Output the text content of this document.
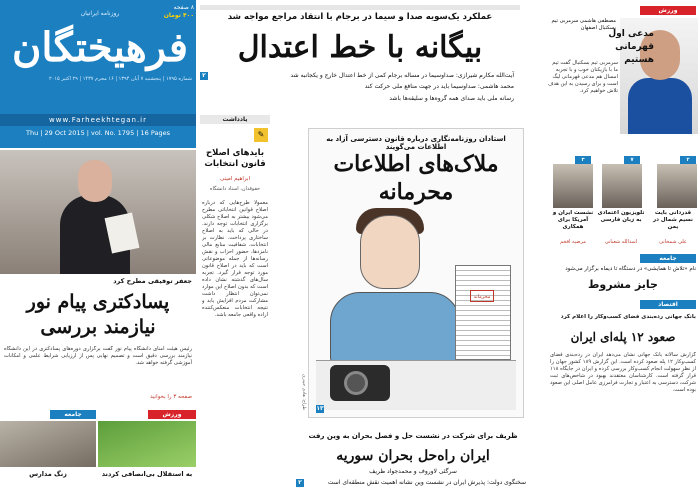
روزنامه ایرانیان
۸ صفحه
۴۰۰ تومان
فرهیختگان
شماره ۱۷۹۵ | پنجشنبه ۷ آبان ۱۳۹۴ | ۱۶ محرم ۱۴۳۷ | ۲۹ اکتبر ۲۰۱۵
www.Farheekhtegan.ir
Thu | 29 Oct 2015 | vol. No. 1795 | 16 Pages
جعفر توفیقی مطرح کرد
پسادکتری پیام نور نیازمند بررسی
رئیس هیئت امنای دانشگاه پیام نور گفت برگزاری دوره‌های پسادکتری در این دانشگاه نیازمند بررسی دقیق است و تصمیم نهایی پس از ارزیابی شرایط علمی و امکانات آموزشی گرفته خواهد شد.
صفحه ۳ را بخوانید
ورزش
به استقلال بی‌انصافی کردند
جامعه
زنگ مدارس
عملکرد یک‌سویه صدا و سیما در برجام با انتقاد مراجع مواجه شد
بیگانه با خط اعتدال
آیت‌الله مکارم شیرازی: صداوسیما در مساله برجام کمی از خط اعتدال خارج و یکجانبه شد
محمد هاشمی: صداوسیما باید در جهت منافع ملی حرکت کند
رسانه ملی باید صدای همه گروه‌ها و سلیقه‌ها باشد
۲
یادداشت
✎
بایدهای اصلاح قانون انتخابات
ابراهیم امینی
حقوقدان، استاد دانشگاه
معمولا طرح‌هایی که درباره اصلاح قوانین انتخاباتی مطرح می‌شود بیشتر به اصلاح شکلی برگزاری انتخابات توجه دارند. در حالی که باید به اصلاح ساختاری پرداخت. نظارت بر انتخابات، شفافیت منابع مالی نامزدها، حضور احزاب و نقش رسانه‌ها از جمله موضوعاتی است که باید در اصلاح قانون مورد توجه قرار گیرد. تجربه سال‌های گذشته نشان داده است که بدون اصلاح این موارد نمی‌توان انتظار داشت مشارکت مردم افزایش یابد و نتیجه انتخابات منعکس‌کننده اراده واقعی جامعه باشد.
استادان روزنامه‌نگاری درباره قانون دسترسی آزاد به اطلاعات می‌گویند
ملاک‌های اطلاعات محرمانه
محرمانه
طراح: هادی حیدری ۱۳
ظریف برای شرکت در نشست حل و فصل بحران به وین رفت
ایران راه‌حل بحران سوریه
سرگئی لاوروف و محمدجواد ظریف
سخنگوی دولت: پذیرش ایران در نشست وین نشانه اهمیت نقش منطقه‌ای است
۲
ورزش
مصطفی هاشمی سرمربی تیم بسکتبال اصفهان
مدعی اول قهرمانی هستیم
سرمربی تیم بسکتبال گفت تیم ما با بازیکنان خوب و با تجربه امسال هم مدعی قهرمانی لیگ است و برای رسیدن به این هدف تلاش خواهیم کرد.
۲
۷
۳
قدردانی بایت نسیم شمال در یمن
تلویزیون اعتمادی به زبان فارسی
نشست ایران و آمریکا برای همکاری
علی شمخانی
اسدالله شعبانی
مرضیه افخم
جامعه
نام «تلاش تا همایشی» در دستگاه تا دیماه برگزار می‌شود
جایز مشروط
اقتصاد
بانک جهانی رده‌بندی فضای کسب‌وکار را اعلام کرد
صعود ۱۲ پله‌ای ایران
گزارش سالانه بانک جهانی نشان می‌دهد ایران در رده‌بندی فضای کسب‌وکار ۱۲ پله صعود کرده است. این گزارش ۱۸۹ کشور جهان را از نظر سهولت انجام کسب‌وکار بررسی کرده و ایران در جایگاه ۱۱۸ قرار گرفته است. کارشناسان معتقدند بهبود در شاخص‌های ثبت شرکت، دسترسی به اعتبار و تجارت فرامرزی عامل اصلی این صعود بوده است.
